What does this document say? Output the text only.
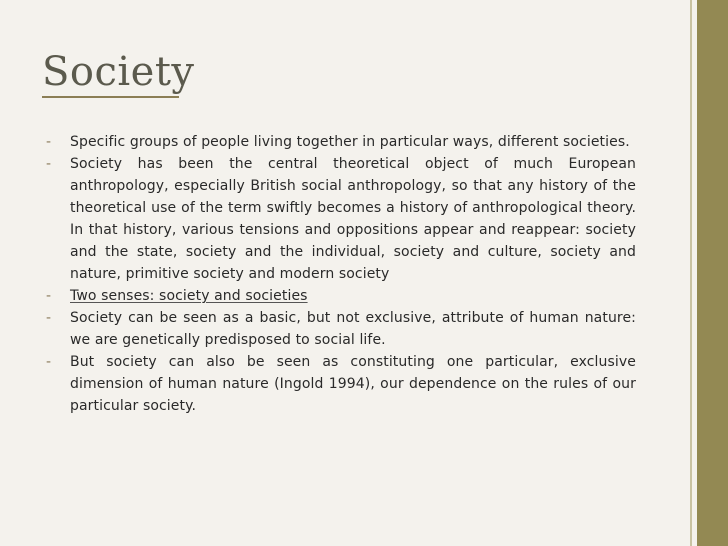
Society
- Specific groups of people living together in particular ways, different societies.
- Society has been the central theoretical object of much European anthropology, especially British social anthropology, so that any history of the theoretical use of the term swiftly becomes a history of anthropological theory. In that history, various tensions and oppositions appear and reappear: society and the state, society and the individual, society and culture, society and nature, primitive society and modern society
- Two senses: society and societies
- Society can be seen as a basic, but not exclusive, attribute of human nature: we are genetically predisposed to social life.
- But society can also be seen as constituting one particular, exclusive dimension of human nature (Ingold 1994), our dependence on the rules of our particular society.
